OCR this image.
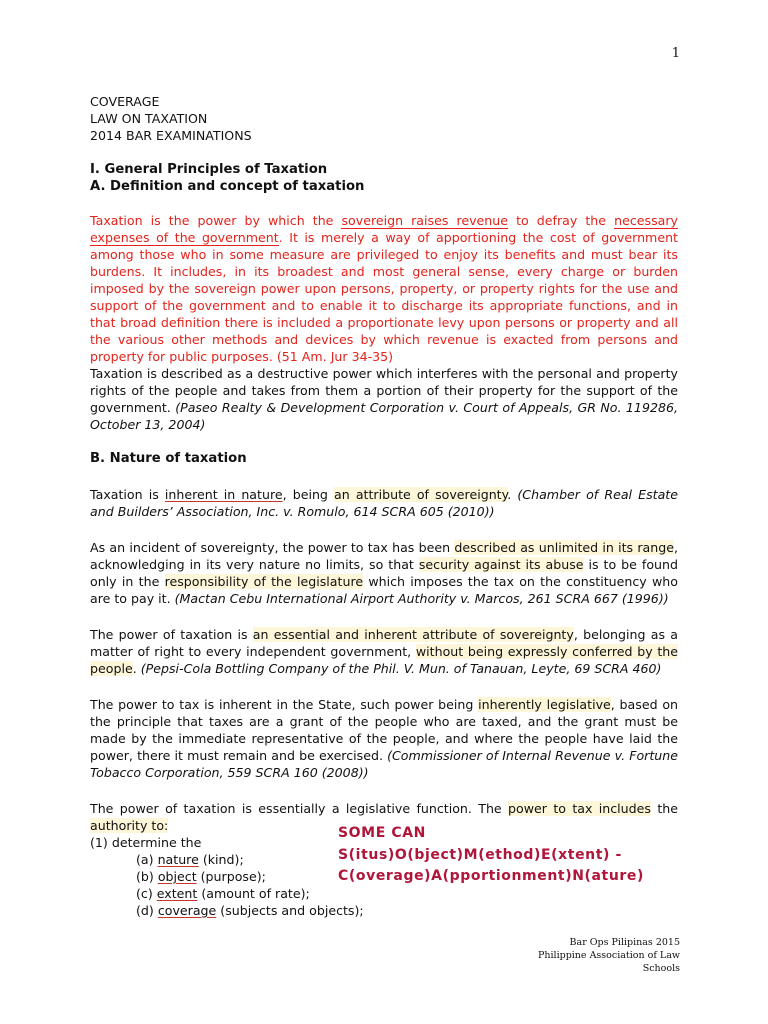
1
COVERAGE
LAW ON TAXATION
2014 BAR EXAMINATIONS
I. General Principles of Taxation
A. Definition and concept of taxation

Taxation is the power by which the sovereign raises revenue to defray the necessary expenses of the government. It is merely a way of apportioning the cost of government among those who in some measure are privileged to enjoy its benefits and must bear its burdens. It includes, in its broadest and most general sense, every charge or burden imposed by the sovereign power upon persons, property, or property rights for the use and support of the government and to enable it to discharge its appropriate functions, and in that broad definition there is included a proportionate levy upon persons or property and all the various other methods and devices by which revenue is exacted from persons and property for public purposes. (51 Am. Jur 34-35)

Taxation is described as a destructive power which interferes with the personal and property rights of the people and takes from them a portion of their property for the support of the government. (Paseo Realty & Development Corporation v. Court of Appeals, GR No. 119286, October 13, 2004)

B. Nature of taxation

Taxation is inherent in nature, being an attribute of sovereignty. (Chamber of Real Estate and Builders’ Association, Inc. v. Romulo, 614 SCRA 605 (2010))

As an incident of sovereignty, the power to tax has been described as unlimited in its range, acknowledging in its very nature no limits, so that security against its abuse is to be found only in the responsibility of the legislature which imposes the tax on the constituency who are to pay it. (Mactan Cebu International Airport Authority v. Marcos, 261 SCRA 667 (1996))

The power of taxation is an essential and inherent attribute of sovereignty, belonging as a matter of right to every independent government, without being expressly conferred by the people. (Pepsi-Cola Bottling Company of the Phil. V. Mun. of Tanauan, Leyte, 69 SCRA 460)

The power to tax is inherent in the State, such power being inherently legislative, based on the principle that taxes are a grant of the people who are taxed, and the grant must be made by the immediate representative of the people, and where the people have laid the power, there it must remain and be exercised. (Commissioner of Internal Revenue v. Fortune Tobacco Corporation, 559 SCRA 160 (2008))

The power of taxation is essentially a legislative function. The power to tax includes the authority to:

(1) determine the
(a) nature (kind);
(b) object (purpose);
(c) extent (amount of rate);
(d) coverage (subjects and objects);
SOME CAN
S(itus)O(bject)M(ethod)E(xtent) -
C(overage)A(pportionment)N(ature)
Bar Ops Pilipinas 2015
Philippine Association of Law Schools
